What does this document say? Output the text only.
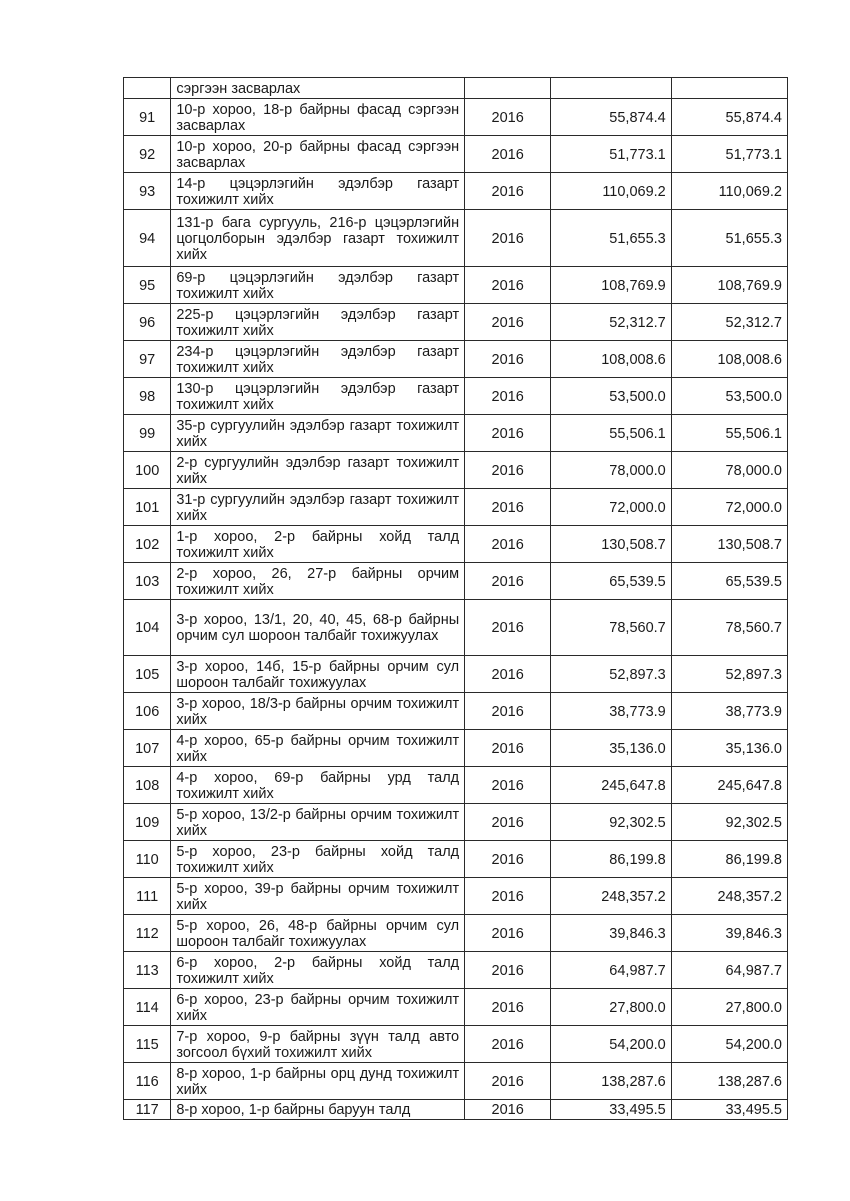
	сэргээн засварлах			
91	10-р хороо, 18-р байрны фасад сэргээн засварлах	2016	55,874.4	55,874.4
92	10-р хороо, 20-р байрны фасад сэргээн засварлах	2016	51,773.1	51,773.1
93	14-р цэцэрлэгийн эдэлбэр газарт тохижилт хийх	2016	110,069.2	110,069.2
94	131-р бага сургууль, 216-р цэцэрлэгийн цогцолборын эдэлбэр газарт тохижилт хийх	2016	51,655.3	51,655.3
95	69-р цэцэрлэгийн эдэлбэр газарт тохижилт хийх	2016	108,769.9	108,769.9
96	225-р цэцэрлэгийн эдэлбэр газарт тохижилт хийх	2016	52,312.7	52,312.7
97	234-р цэцэрлэгийн эдэлбэр газарт тохижилт хийх	2016	108,008.6	108,008.6
98	130-р цэцэрлэгийн эдэлбэр газарт тохижилт хийх	2016	53,500.0	53,500.0
99	35-р сургуулийн эдэлбэр газарт тохижилт хийх	2016	55,506.1	55,506.1
100	2-р сургуулийн эдэлбэр газарт тохижилт хийх	2016	78,000.0	78,000.0
101	31-р сургуулийн эдэлбэр газарт тохижилт хийх	2016	72,000.0	72,000.0
102	1-р хороо, 2-р байрны хойд талд тохижилт хийх	2016	130,508.7	130,508.7
103	2-р хороо, 26, 27-р байрны орчим тохижилт хийх	2016	65,539.5	65,539.5
104	3-р хороо, 13/1, 20, 40, 45, 68-р байрны орчим сул шороон талбайг тохижуулах	2016	78,560.7	78,560.7
105	3-р хороо, 14б, 15-р байрны орчим сул шороон талбайг тохижуулах	2016	52,897.3	52,897.3
106	3-р хороо, 18/3-р байрны орчим тохижилт хийх	2016	38,773.9	38,773.9
107	4-р хороо, 65-р байрны орчим тохижилт хийх	2016	35,136.0	35,136.0
108	4-р хороо, 69-р байрны урд талд тохижилт хийх	2016	245,647.8	245,647.8
109	5-р хороо, 13/2-р байрны орчим тохижилт хийх	2016	92,302.5	92,302.5
110	5-р хороо, 23-р байрны хойд талд тохижилт хийх	2016	86,199.8	86,199.8
111	5-р хороо, 39-р байрны орчим тохижилт хийх	2016	248,357.2	248,357.2
112	5-р хороо, 26, 48-р байрны орчим сул шороон талбайг тохижуулах	2016	39,846.3	39,846.3
113	6-р хороо, 2-р байрны хойд талд тохижилт хийх	2016	64,987.7	64,987.7
114	6-р хороо, 23-р байрны орчим тохижилт хийх	2016	27,800.0	27,800.0
115	7-р хороо, 9-р байрны зүүн талд авто зогсоол бүхий тохижилт хийх	2016	54,200.0	54,200.0
116	8-р хороо, 1-р байрны орц дунд тохижилт хийх	2016	138,287.6	138,287.6
117	8-р хороо, 1-р байрны баруун талд	2016	33,495.5	33,495.5
